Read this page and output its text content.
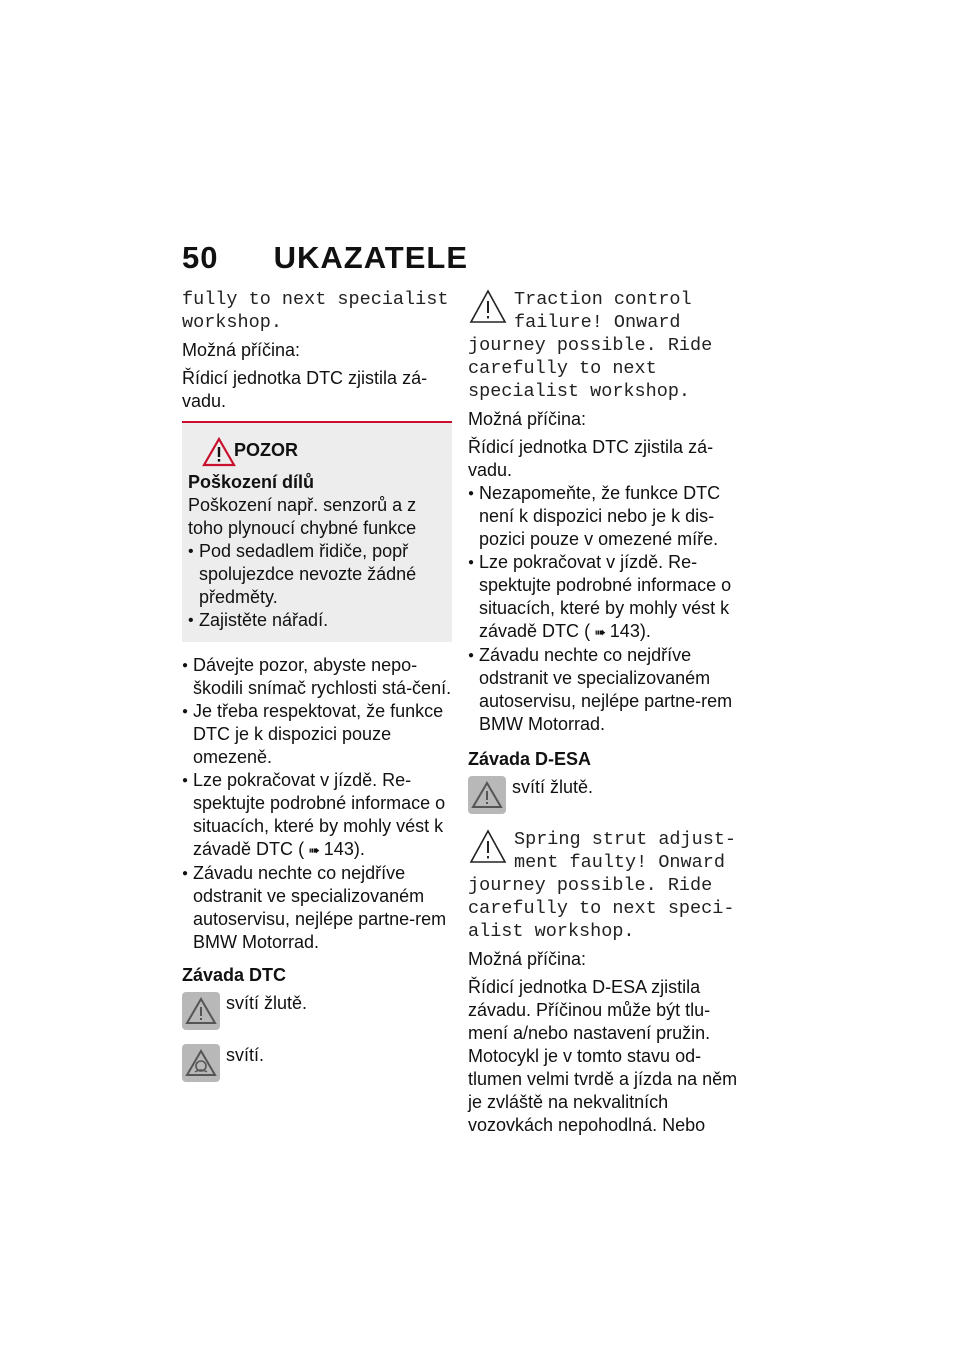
50 UKAZATELE
fully to next specialist workshop.
Možná příčina:
Řídicí jednotka DTC zjistila zá-vadu.
POZOR
Poškození dílů
Poškození např. senzorů a z toho plynoucí chybné funkce
• Pod sedadlem řidiče, popř spolujezdce nevozte žádné předměty.
• Zajistěte nářadí.
● Dávejte pozor, abyste nepo-škodili snímač rychlosti stá-čení.
● Je třeba respektovat, že funkce DTC je k dispozici pouze omezeně.
● Lze pokračovat v jízdě. Re-spektujte podrobné informace o situacích, které by mohly vést k závadě DTC ( ➠ 143).
● Závadu nechte co nejdříve odstranit ve specializovaném autoservisu, nejlépe partne-rem BMW Motorrad.
Závada DTC
svítí žlutě.
svítí.
Traction control failure! Onward journey possible. Ride carefully to next specialist workshop.
Možná příčina:
Řídicí jednotka DTC zjistila zá-vadu.
● Nezapomeňte, že funkce DTC není k dispozici nebo je k dis-pozici pouze v omezené míře.
● Lze pokračovat v jízdě. Re-spektujte podrobné informace o situacích, které by mohly vést k závadě DTC ( ➠ 143).
● Závadu nechte co nejdříve odstranit ve specializovaném autoservisu, nejlépe partne-rem BMW Motorrad.
Závada D-ESA
svítí žlutě.
Spring strut adjust-ment faulty! Onward journey possible. Ride carefully to next speci-alist workshop.
Možná příčina:
Řídicí jednotka D-ESA zjistila závadu. Příčinou může být tlu-mení a/nebo nastavení pružin. Motocykl je v tomto stavu od-tlumen velmi tvrdě a jízda na něm je zvláště na nekvalitních vozovkách nepohodlná. Nebo
